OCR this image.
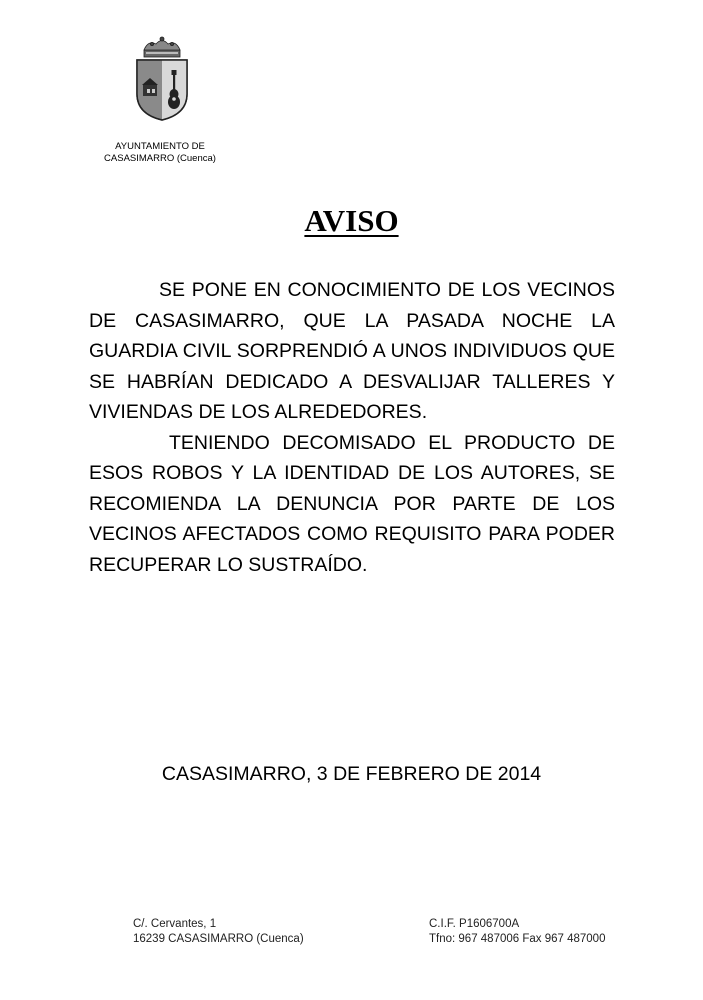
AYUNTAMIENTO DE
CASASIMARRO (Cuenca)
AVISO

SE PONE EN CONOCIMIENTO DE LOS VECINOS DE CASASIMARRO, QUE LA PASADA NOCHE LA GUARDIA CIVIL SORPRENDIÓ A UNOS INDIVIDUOS QUE SE HABRÍAN DEDICADO A DESVALIJAR TALLERES Y VIVIENDAS DE LOS ALREDEDORES.

TENIENDO DECOMISADO EL PRODUCTO DE ESOS ROBOS Y LA IDENTIDAD DE LOS AUTORES, SE RECOMIENDA LA DENUNCIA POR PARTE DE LOS VECINOS AFECTADOS COMO REQUISITO PARA PODER RECUPERAR LO SUSTRAÍDO.

CASASIMARRO, 3 DE FEBRERO DE 2014
C/. Cervantes, 1
16239 CASASIMARRO (Cuenca)
C.I.F. P1606700A
Tfno: 967 487006 Fax 967 487000
